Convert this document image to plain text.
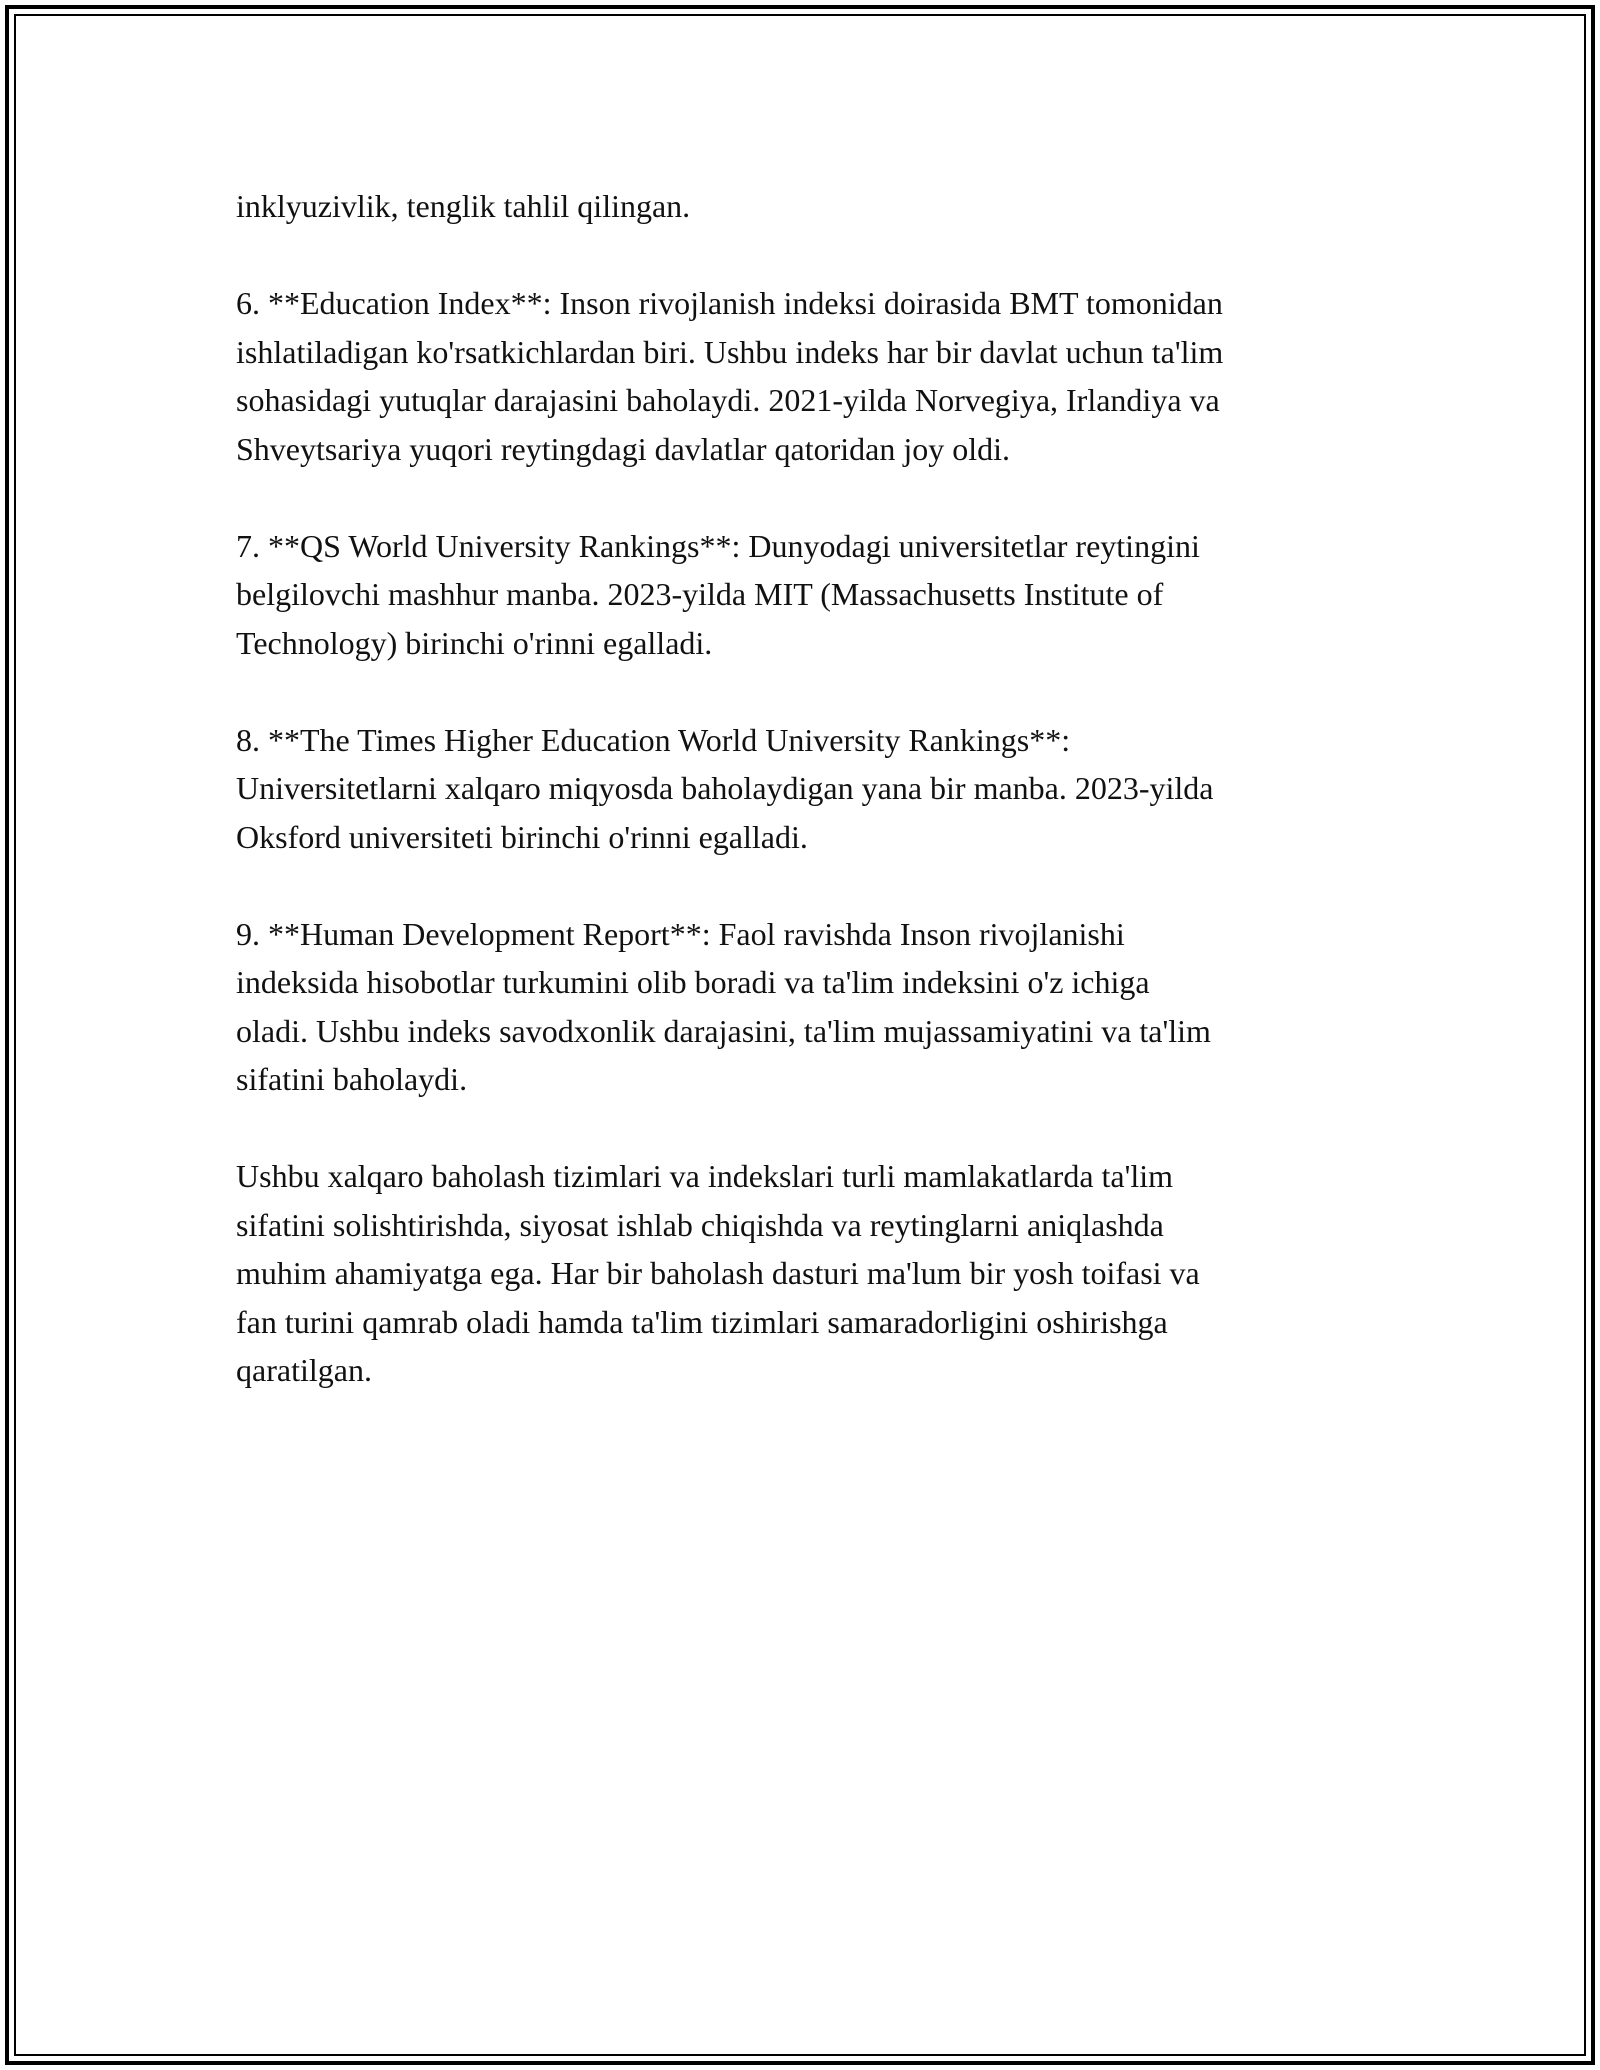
inklyuzivlik, tenglik tahlil qilingan.

6. **Education Index**: Inson rivojlanish indeksi doirasida BMT tomonidan
ishlatiladigan ko'rsatkichlardan biri. Ushbu indeks har bir davlat uchun ta'lim
sohasidagi yutuqlar darajasini baholaydi. 2021-yilda Norvegiya, Irlandiya va
Shveytsariya yuqori reytingdagi davlatlar qatoridan joy oldi.

7. **QS World University Rankings**: Dunyodagi universitetlar reytingini
belgilovchi mashhur manba. 2023-yilda MIT (Massachusetts Institute of
Technology) birinchi o'rinni egalladi.

8. **The Times Higher Education World University Rankings**:
Universitetlarni xalqaro miqyosda baholaydigan yana bir manba. 2023-yilda
Oksford universiteti birinchi o'rinni egalladi.

9. **Human Development Report**: Faol ravishda Inson rivojlanishi
indeksida hisobotlar turkumini olib boradi va ta'lim indeksini o'z ichiga
oladi. Ushbu indeks savodxonlik darajasini, ta'lim mujassamiyatini va ta'lim
sifatini baholaydi.

Ushbu xalqaro baholash tizimlari va indekslari turli mamlakatlarda ta'lim
sifatini solishtirishda, siyosat ishlab chiqishda va reytinglarni aniqlashda
muhim ahamiyatga ega. Har bir baholash dasturi ma'lum bir yosh toifasi va
fan turini qamrab oladi hamda ta'lim tizimlari samaradorligini oshirishga
qaratilgan.
